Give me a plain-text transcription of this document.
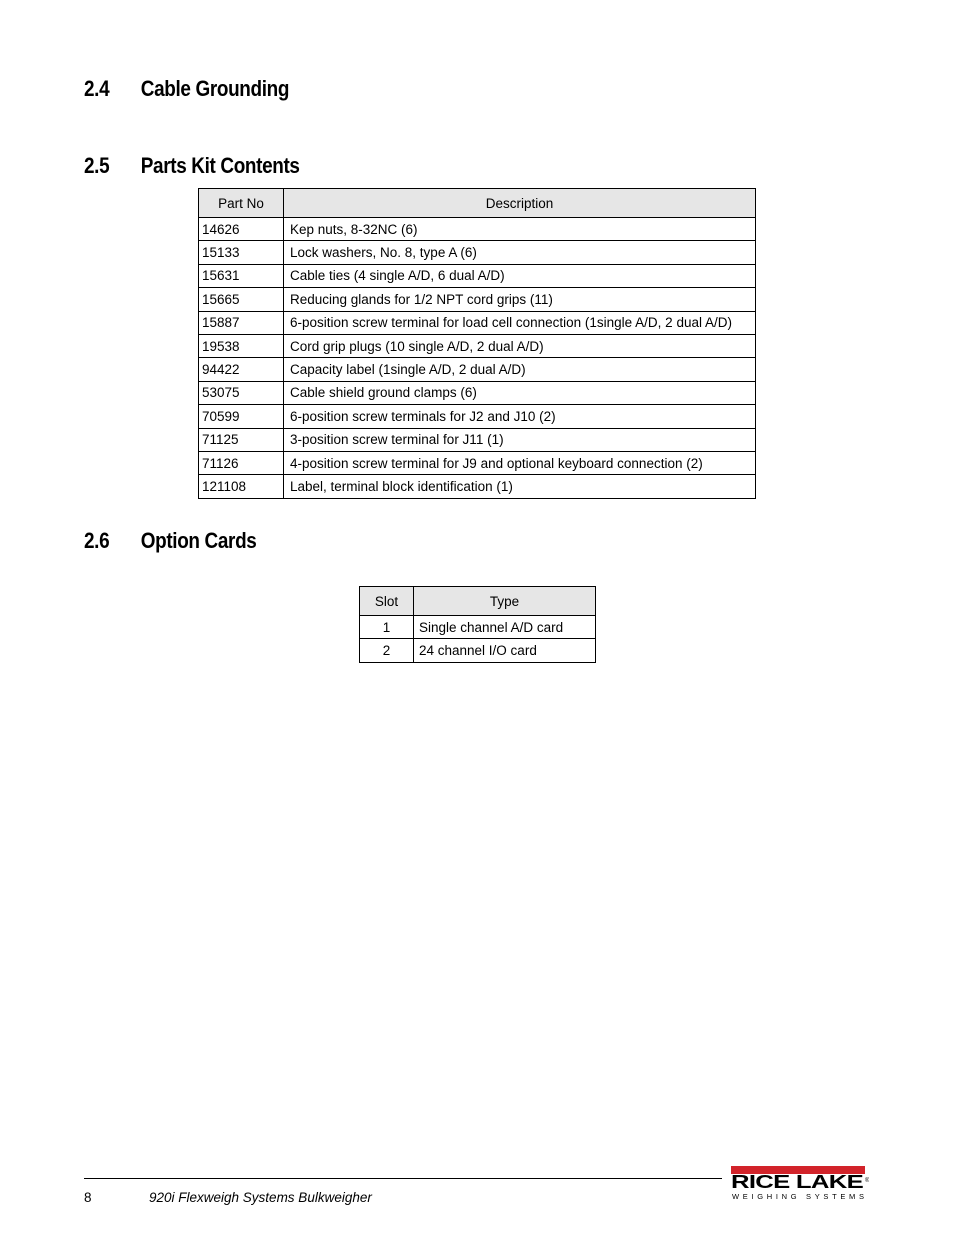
2.4 Cable Grounding
2.5 Parts Kit Contents
Part No	Description
14626	Kep nuts, 8-32NC (6)
15133	Lock washers, No. 8, type A (6)
15631	Cable ties (4 single A/D, 6 dual A/D)
15665	Reducing glands for 1/2 NPT cord grips (11)
15887	6-position screw terminal for load cell connection (1single A/D, 2 dual A/D)
19538	Cord grip plugs (10 single A/D, 2 dual A/D)
94422	Capacity label (1single A/D, 2 dual A/D)
53075	Cable shield ground clamps (6)
70599	6-position screw terminals for J2 and J10 (2)
71125	3-position screw terminal for J11 (1)
71126	4-position screw terminal for J9 and optional keyboard connection (2)
121108	Label, terminal block identification (1)
2.6 Option Cards
Slot	Type
1	Single channel A/D card
2	24 channel I/O card
8	920i Flexweigh Systems Bulkweigher
RICE LAKE ®
WEIGHING SYSTEMS
